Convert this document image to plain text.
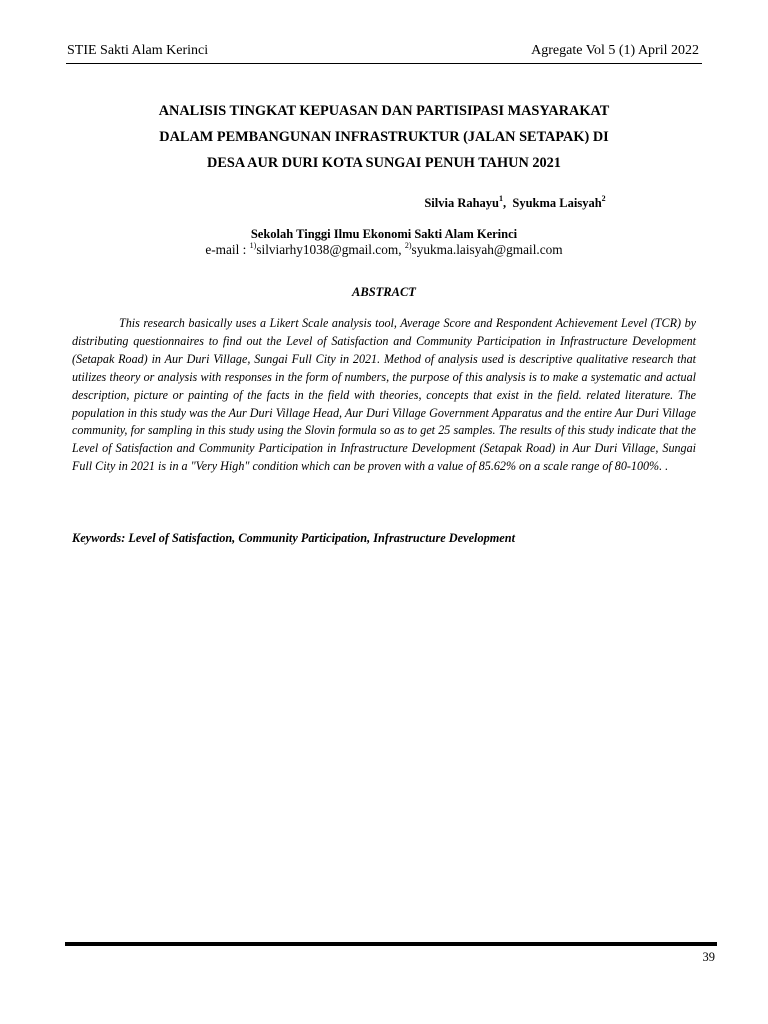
STIE Sakti Alam Kerinci	Agregate Vol 5 (1) April 2022
ANALISIS TINGKAT KEPUASAN DAN PARTISIPASI MASYARAKAT
DALAM PEMBANGUNAN INFRASTRUKTUR (JALAN SETAPAK) DI
DESA AUR DURI KOTA SUNGAI PENUH TAHUN 2021
Silvia Rahayu$^1$, Syukma Laisyah$^2$
Sekolah Tinggi Ilmu Ekonomi Sakti Alam Kerinci
e-mail : $^{1)}$silviarhy1038@gmail.com, $^{2)}$syukma.laisyah@gmail.com
ABSTRACT

This research basically uses a Likert Scale analysis tool, Average Score and Respondent Achievement Level (TCR) by distributing questionnaires to find out the Level of Satisfaction and Community Participation in Infrastructure Development (Setapak Road) in Aur Duri Village, Sungai Full City in 2021. Method of analysis used is descriptive qualitative research that utilizes theory or analysis with responses in the form of numbers, the purpose of this analysis is to make a systematic and actual description, picture or painting of the facts in the field with theories, concepts that exist in the field. related literature. The population in this study was the Aur Duri Village Head, Aur Duri Village Government Apparatus and the entire Aur Duri Village community, for sampling in this study using the Slovin formula so as to get 25 samples. The results of this study indicate that the Level of Satisfaction and Community Participation in Infrastructure Development (Setapak Road) in Aur Duri Village, Sungai Full City in 2021 is in a "Very High" condition which can be proven with a value of 85.62% on a scale range of 80-100%. .

Keywords: Level of Satisfaction, Community Participation, Infrastructure Development
39
